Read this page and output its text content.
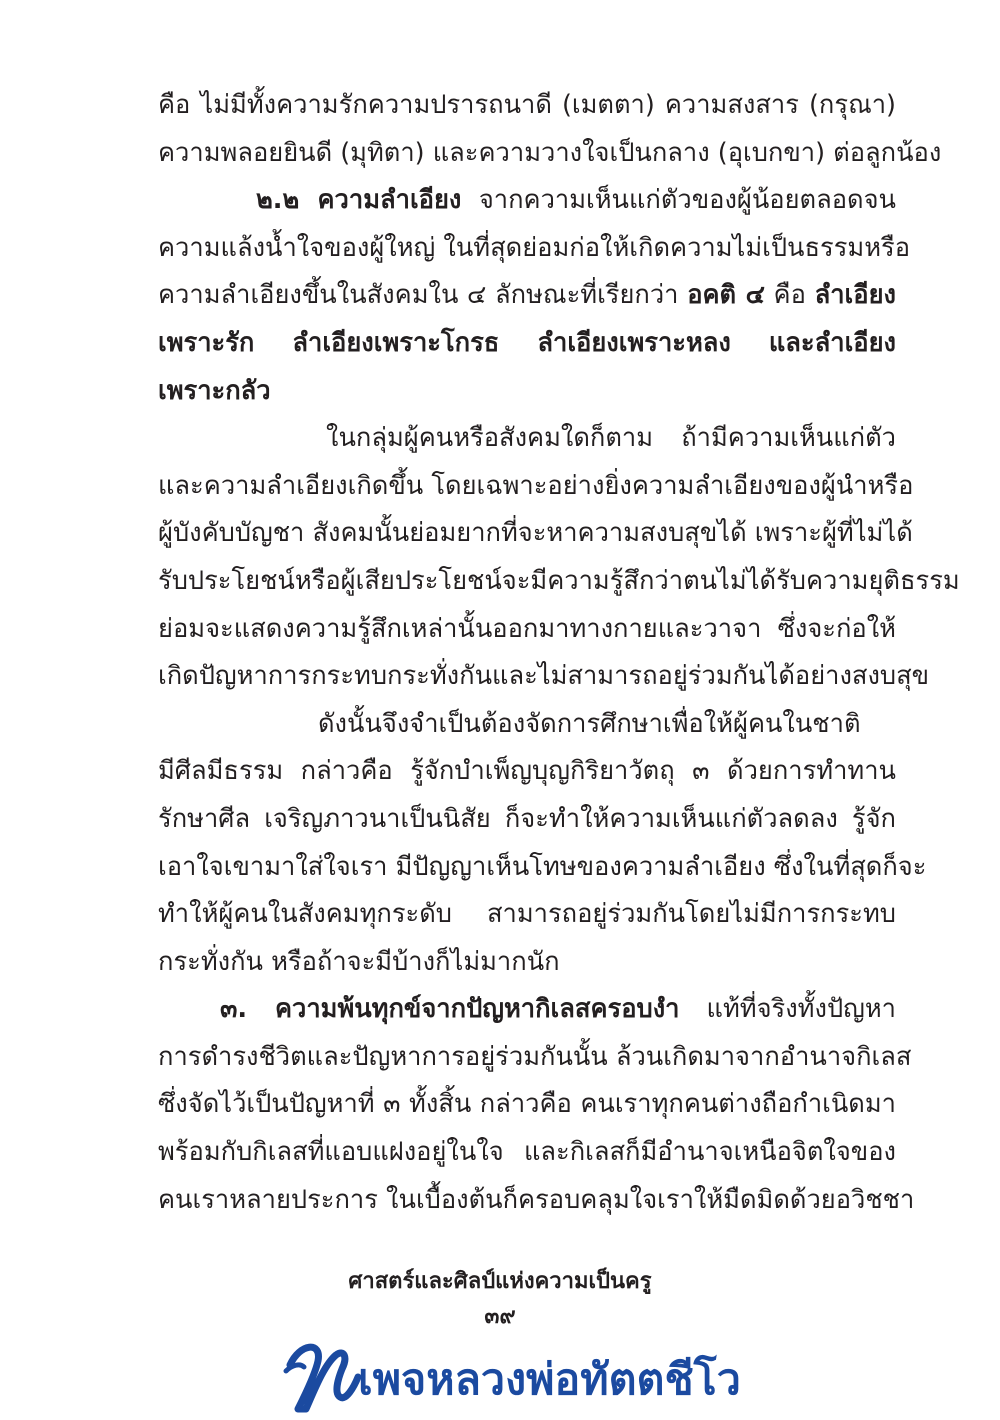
คือ ไม่มีทั้งความรักความปรารถนาดี (เมตตา) ความสงสาร (กรุณา)
ความพลอยยินดี (มุทิตา) และความวางใจเป็นกลาง (อุเบกขา) ต่อลูกน้อง
๒.๒ ความลำเอียง จากความเห็นแก่ตัวของผู้น้อยตลอดจน
ความแล้งน้ำใจของผู้ใหญ่ ในที่สุดย่อมก่อให้เกิดความไม่เป็นธรรมหรือ
ความลำเอียงขึ้นในสังคมใน ๔ ลักษณะที่เรียกว่า อคติ ๔ คือ ลำเอียง
เพราะรัก ลำเอียงเพราะโกรธ ลำเอียงเพราะหลง และลำเอียง
เพราะกลัว
ในกลุ่มผู้คนหรือสังคมใดก็ตาม ถ้ามีความเห็นแก่ตัว
และความลำเอียงเกิดขึ้น โดยเฉพาะอย่างยิ่งความลำเอียงของผู้นำหรือ
ผู้บังคับบัญชา สังคมนั้นย่อมยากที่จะหาความสงบสุขได้ เพราะผู้ที่ไม่ได้
รับประโยชน์หรือผู้เสียประโยชน์จะมีความรู้สึกว่าตนไม่ได้รับความยุติธรรม
ย่อมจะแสดงความรู้สึกเหล่านั้นออกมาทางกายและวาจา ซึ่งจะก่อให้
เกิดปัญหาการกระทบกระทั่งกันและไม่สามารถอยู่ร่วมกันได้อย่างสงบสุข
ดังนั้นจึงจำเป็นต้องจัดการศึกษาเพื่อให้ผู้คนในชาติ
มีศีลมีธรรม กล่าวคือ รู้จักบำเพ็ญบุญกิริยาวัตถุ ๓ ด้วยการทำทาน
รักษาศีล เจริญภาวนาเป็นนิสัย ก็จะทำให้ความเห็นแก่ตัวลดลง รู้จัก
เอาใจเขามาใส่ใจเรา มีปัญญาเห็นโทษของความลำเอียง ซึ่งในที่สุดก็จะ
ทำให้ผู้คนในสังคมทุกระดับ สามารถอยู่ร่วมกันโดยไม่มีการกระทบ
กระทั่งกัน หรือถ้าจะมีบ้างก็ไม่มากนัก
๓. ความพ้นทุกข์จากปัญหากิเลสครอบงำ แท้ที่จริงทั้งปัญหา
การดำรงชีวิตและปัญหาการอยู่ร่วมกันนั้น ล้วนเกิดมาจากอำนาจกิเลส
ซึ่งจัดไว้เป็นปัญหาที่ ๓ ทั้งสิ้น กล่าวคือ คนเราทุกคนต่างถือกำเนิดมา
พร้อมกับกิเลสที่แอบแฝงอยู่ในใจ และกิเลสก็มีอำนาจเหนือจิตใจของ
คนเราหลายประการ ในเบื้องต้นก็ครอบคลุมใจเราให้มืดมิดด้วยอวิชชา
ศาสตร์และศิลป์แห่งความเป็นครู
๓๙
เพจหลวงพ่อทัตตชีโว
